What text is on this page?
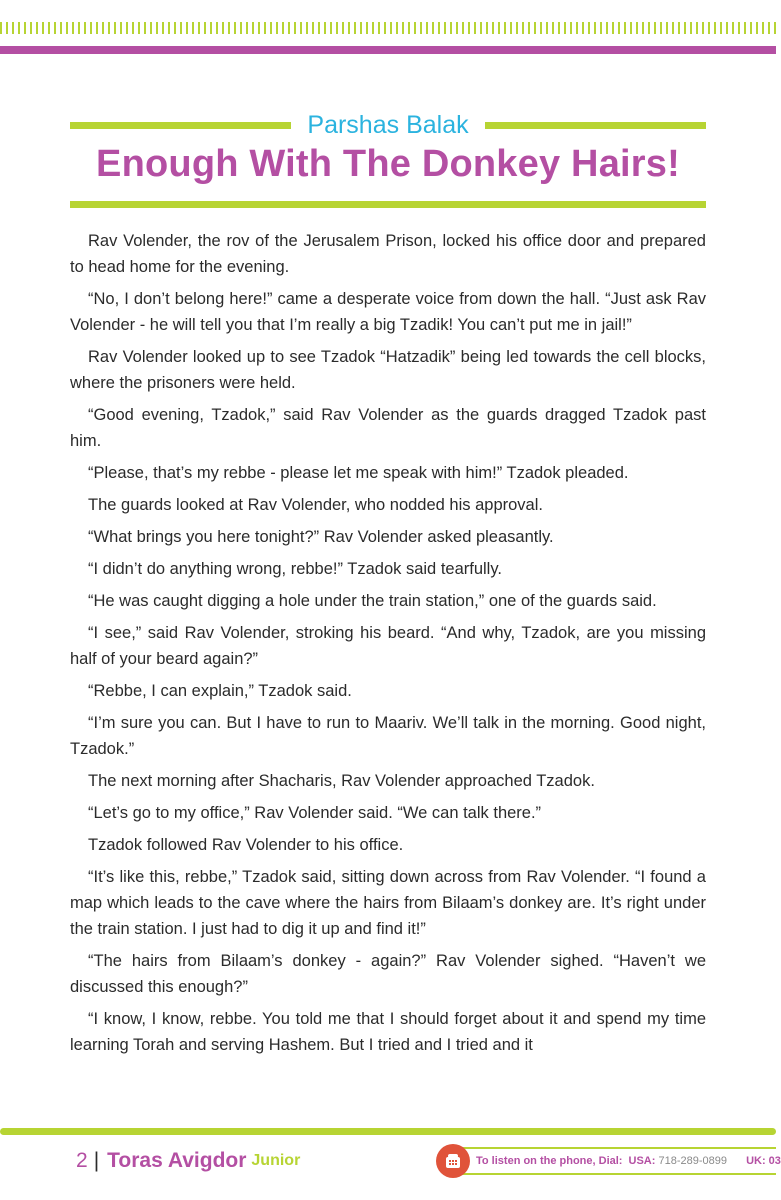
Parshas Balak
Enough With The Donkey Hairs!

Rav Volender, the rov of the Jerusalem Prison, locked his office door and prepared to head home for the evening.

“No, I don’t belong here!” came a desperate voice from down the hall. “Just ask Rav Volender - he will tell you that I’m really a big Tzadik! You can’t put me in jail!”

Rav Volender looked up to see Tzadok “Hatzadik” being led towards the cell blocks, where the prisoners were held.

“Good evening, Tzadok,” said Rav Volender as the guards dragged Tzadok past him.

“Please, that’s my rebbe - please let me speak with him!” Tzadok pleaded.

The guards looked at Rav Volender, who nodded his approval.

“What brings you here tonight?” Rav Volender asked pleasantly.

“I didn’t do anything wrong, rebbe!” Tzadok said tearfully.

“He was caught digging a hole under the train station,” one of the guards said.

“I see,” said Rav Volender, stroking his beard. “And why, Tzadok, are you missing half of your beard again?”

“Rebbe, I can explain,” Tzadok said.

“I’m sure you can. But I have to run to Maariv. We’ll talk in the morning. Good night, Tzadok.”

The next morning after Shacharis, Rav Volender approached Tzadok.

“Let’s go to my office,” Rav Volender said. “We can talk there.”

Tzadok followed Rav Volender to his office.

“It’s like this, rebbe,” Tzadok said, sitting down across from Rav Volender. “I found a map which leads to the cave where the hairs from Bilaam’s donkey are. It’s right under the train station. I just had to dig it up and find it!”

“The hairs from Bilaam’s donkey - again?” Rav Volender sighed. “Haven’t we discussed this enough?”

“I know, I know, rebbe. You told me that I should forget about it and spend my time learning Torah and serving Hashem. But I tried and I tried and it

2 | Toras Avigdor Junior	To listen on the phone, Dial: USA: 718-289-0899 UK: 03
